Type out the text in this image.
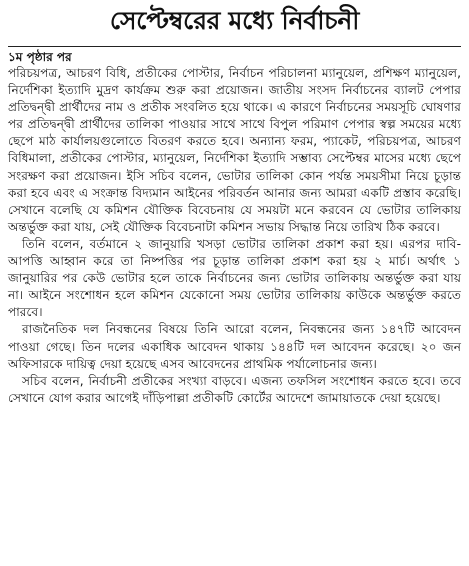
সেপ্টেম্বরের মধ্যে নির্বাচনী

১ম পৃষ্ঠার পর

পরিচয়পত্র, আচরণ বিধি, প্রতীকের পোস্টার, নির্বাচন পরিচালনা ম্যানুয়েল, প্রশিক্ষণ ম্যানুয়েল, নির্দেশিকা ইত্যাদি মুদ্রণ কার্যক্রম শুরু করা প্রয়োজন। জাতীয় সংসদ নির্বাচনের ব্যালট পেপার প্রতিদ্বন্দ্বী প্রার্থীদের নাম ও প্রতীক সংবলিত হয়ে থাকে। এ কারণে নির্বাচনের সময়সূচি ঘোষণার পর প্রতিদ্বন্দ্বী প্রার্থীদের তালিকা পাওয়ার সাথে সাথে বিপুল পরিমাণ পেপার স্বল্প সময়ের মধ্যে ছেপে মাঠ কার্যালয়গুলোতে বিতরণ করতে হবে। অন্যান্য ফরম, প্যাকেট, পরিচয়পত্র, আচরণ বিধিমালা, প্রতীকের পোস্টার, ম্যানুয়েল, নির্দেশিকা ইত্যাদি সম্ভাব্য সেপ্টেম্বর মাসের মধ্যে ছেপে সংরক্ষণ করা প্রয়োজন। ইসি সচিব বলেন, ভোটার তালিকা কোন পর্যন্ত সময়সীমা নিয়ে চূড়ান্ত করা হবে এবং এ সংক্রান্ত বিদ্যমান আইনের পরিবর্তন আনার জন্য আমরা একটি প্রস্তাব করেছি। সেখানে বলেছি যে কমিশন যৌক্তিক বিবেচনায় যে সময়টা মনে করবেন যে ভোটার তালিকায় অন্তর্ভুক্ত করা যায়, সেই যৌক্তিক বিবেচনাটা কমিশন সভায় সিদ্ধান্ত নিয়ে তারিখ ঠিক করবে।

তিনি বলেন, বর্তমানে ২ জানুয়ারি খসড়া ভোটার তালিকা প্রকাশ করা হয়। এরপর দাবি-আপত্তি আহ্বান করে তা নিষ্পত্তির পর চূড়ান্ত তালিকা প্রকাশ করা হয় ২ মার্চ। অর্থাৎ ১ জানুয়ারির পর কেউ ভোটার হলে তাকে নির্বাচনের জন্য ভোটার তালিকায় অন্তর্ভুক্ত করা যায় না। আইনে সংশোধন হলে কমিশন যেকোনো সময় ভোটার তালিকায় কাউকে অন্তর্ভুক্ত করতে পারবে।

রাজনৈতিক দল নিবন্ধনের বিষয়ে তিনি আরো বলেন, নিবন্ধনের জন্য ১৪৭টি আবেদন পাওয়া গেছে। তিন দলের একাধিক আবেদন থাকায় ১৪৪টি দল আবেদন করেছে। ২০ জন অফিসারকে দায়িত্ব দেয়া হয়েছে এসব আবেদনের প্রাথমিক পর্যালোচনার জন্য।

সচিব বলেন, নির্বাচনী প্রতীকের সংখ্যা বাড়বে। এজন্য তফসিল সংশোধন করতে হবে। তবে সেখানে যোগ করার আগেই দাঁড়িপাল্লা প্রতীকটি কোর্টের আদেশে জামায়াতকে দেয়া হয়েছে।
